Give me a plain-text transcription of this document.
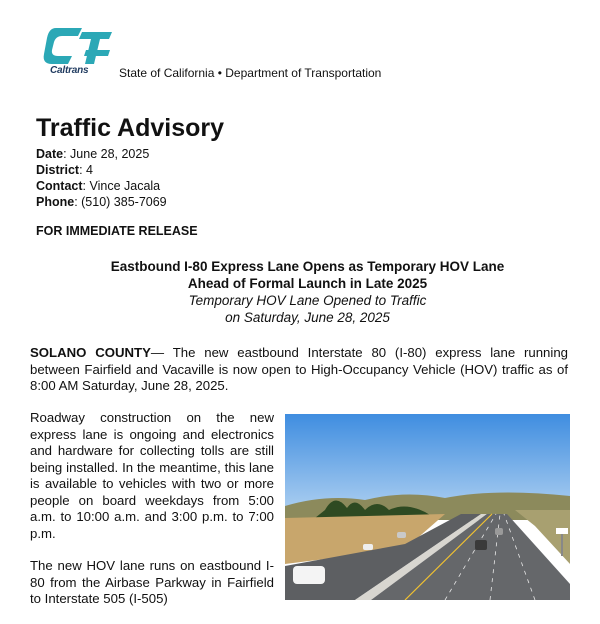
Caltrans	State of California • Department of Transportation
Traffic Advisory
Date: June 28, 2025
District: 4
Contact: Vince Jacala
Phone: (510) 385-7069
FOR IMMEDIATE RELEASE
Eastbound I-80 Express Lane Opens as Temporary HOV Lane
Ahead of Formal Launch in Late 2025
Temporary HOV Lane Opened to Traffic
on Saturday, June 28, 2025
SOLANO COUNTY— The new eastbound Interstate 80 (I-80) express lane running between Fairfield and Vacaville is now open to High-Occupancy Vehicle (HOV) traffic as of 8:00 AM Saturday, June 28, 2025.

Roadway construction on the new express lane is ongoing and electronics and hardware for collecting tolls are still being installed. In the meantime, this lane is available to vehicles with two or more people on board weekdays from 5:00 a.m. to 10:00 a.m. and 3:00 p.m. to 7:00 p.m.

The new HOV lane runs on eastbound I-80 from the Airbase Parkway in Fairfield to Interstate 505 (I-505)
